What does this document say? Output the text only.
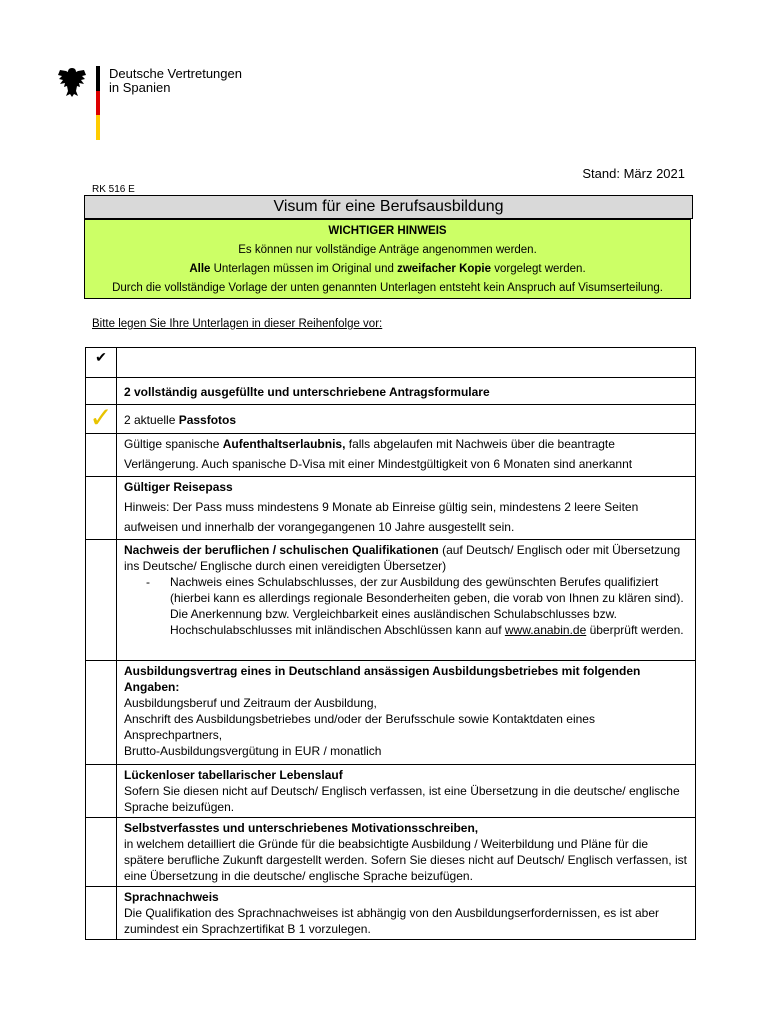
Deutsche Vertretungen
in Spanien
Stand: März 2021
RK 516 E
Visum für eine Berufsausbildung
WICHTIGER HINWEIS
Es können nur vollständige Anträge angenommen werden.
Alle Unterlagen müssen im Original und zweifacher Kopie vorgelegt werden.
Durch die vollständige Vorlage der unten genannten Unterlagen entsteht kein Anspruch auf Visumserteilung.
Bitte legen Sie Ihre Unterlagen in dieser Reihenfolge vor:
✔	
	2 vollständig ausgefüllte und unterschriebene Antragsformulare
✓	2 aktuelle Passfotos
	Gültige spanische Aufenthaltserlaubnis, falls abgelaufen mit Nachweis über die beantragte Verlängerung. Auch spanische D-Visa mit einer Mindestgültigkeit von 6 Monaten sind anerkannt

	Gültiger Reisepass
Hinweis: Der Pass muss mindestens 9 Monate ab Einreise gültig sein, mindestens 2 leere Seiten aufweisen und innerhalb der vorangegangenen 10 Jahre ausgestellt sein.

	Nachweis der beruflichen / schulischen Qualifikationen (auf Deutsch/ Englisch oder mit Übersetzung ins Deutsche/ Englische durch einen vereidigten Übersetzer)
- Nachweis eines Schulabschlusses, der zur Ausbildung des gewünschten Berufes qualifiziert (hierbei kann es allerdings regionale Besonderheiten geben, die vorab von Ihnen zu klären sind). Die Anerkennung bzw. Vergleichbarkeit eines ausländischen Schulabschlusses bzw. Hochschulabschlusses mit inländischen Abschlüssen kann auf www.anabin.de überprüft werden.

	Ausbildungsvertrag eines in Deutschland ansässigen Ausbildungsbetriebes mit folgenden Angaben:
Ausbildungsberuf und Zeitraum der Ausbildung,
Anschrift des Ausbildungsbetriebes und/oder der Berufsschule sowie Kontaktdaten eines Ansprechpartners,
Brutto-Ausbildungsvergütung in EUR / monatlich

	Lückenloser tabellarischer Lebenslauf
Sofern Sie diesen nicht auf Deutsch/ Englisch verfassen, ist eine Übersetzung in die deutsche/ englische Sprache beizufügen.

	Selbstverfasstes und unterschriebenes Motivationsschreiben,
in welchem detailliert die Gründe für die beabsichtigte Ausbildung / Weiterbildung und Pläne für die spätere berufliche Zukunft dargestellt werden. Sofern Sie dieses nicht auf Deutsch/ Englisch verfassen, ist eine Übersetzung in die deutsche/ englische Sprache beizufügen.

	Sprachnachweis
Die Qualifikation des Sprachnachweises ist abhängig von den Ausbildungserfordernissen, es ist aber zumindest ein Sprachzertifikat B 1 vorzulegen.
